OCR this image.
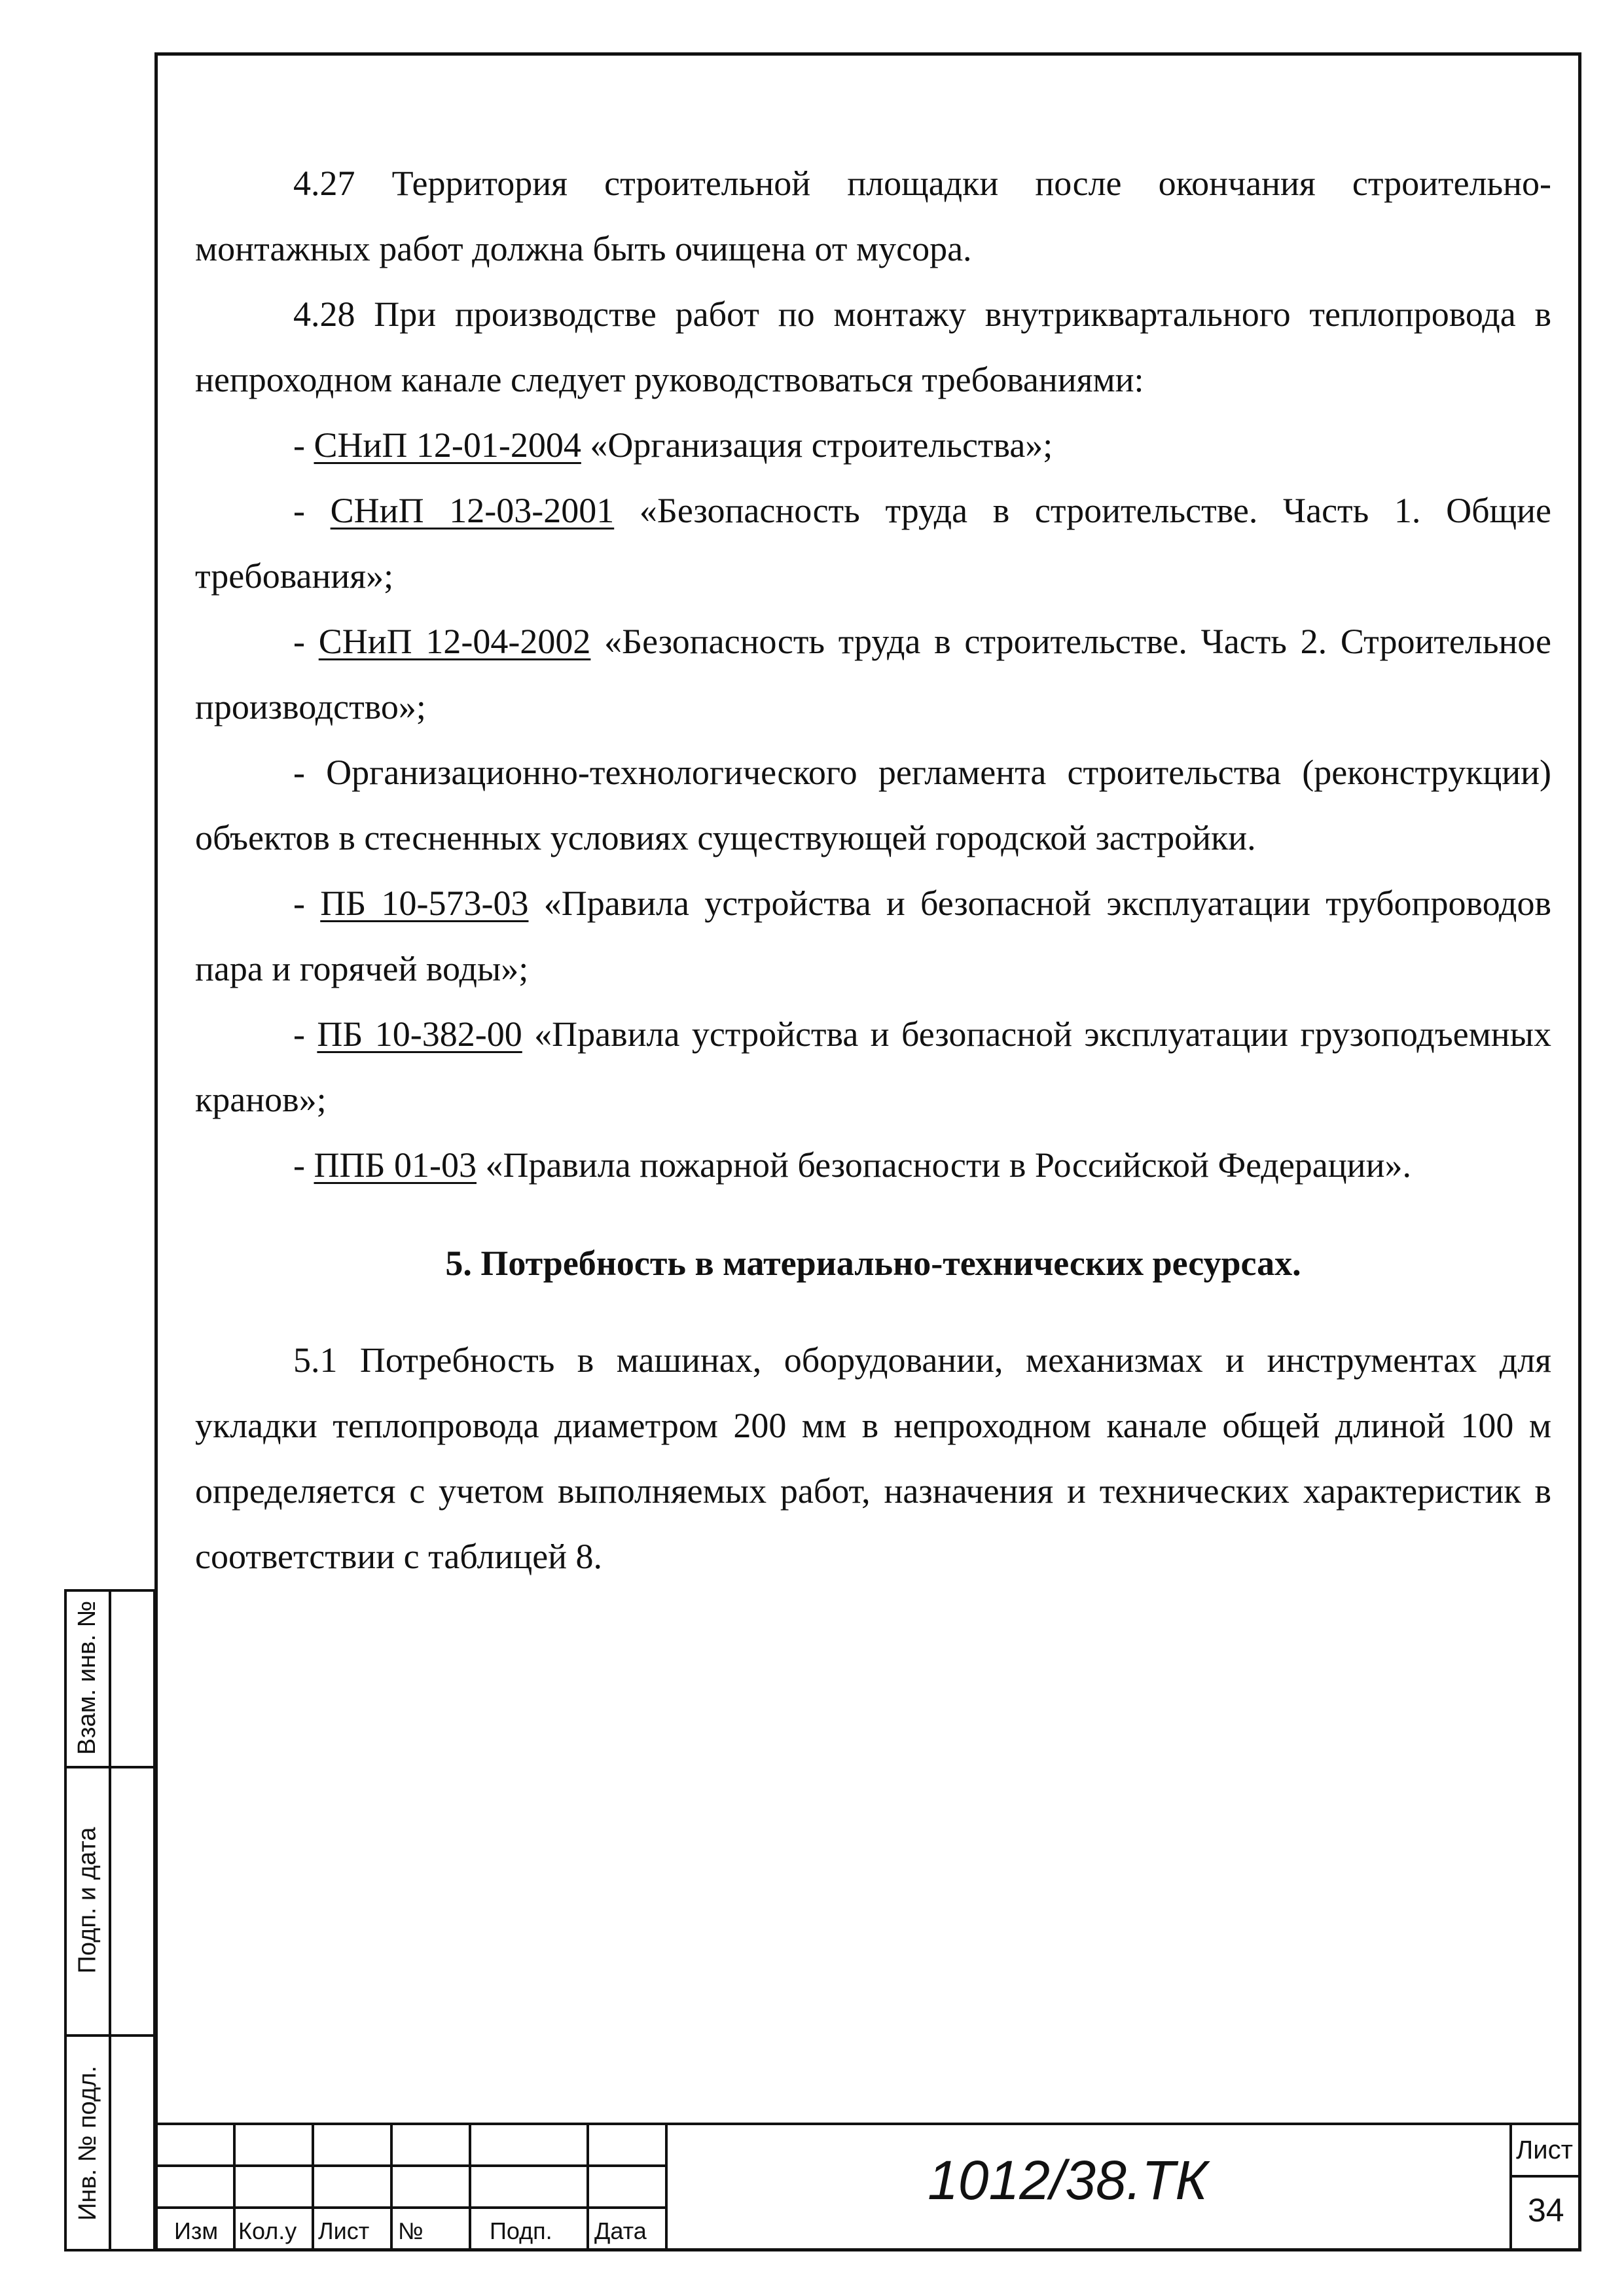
4.27 Территория строительной площадки после окончания строительно-монтажных работ должна быть очищена от мусора.

4.28 При производстве работ по монтажу внутриквартального теплопровода в непроходном канале следует руководствоваться требованиями:

- СНиП 12-01-2004 «Организация строительства»;

- СНиП 12-03-2001 «Безопасность труда в строительстве. Часть 1. Общие требования»;

- СНиП 12-04-2002 «Безопасность труда в строительстве. Часть 2. Строительное производство»;

- Организационно-технологического регламента строительства (реконструкции) объектов в стесненных условиях существующей городской застройки.

- ПБ 10-573-03 «Правила устройства и безопасной эксплуатации трубопроводов пара и горячей воды»;

- ПБ 10-382-00 «Правила устройства и безопасной эксплуатации грузоподъемных кранов»;

- ППБ 01-03 «Правила пожарной безопасности в Российской Федерации».

5. Потребность в материально-технических ресурсах.

5.1 Потребность в машинах, оборудовании, механизмах и инструментах для укладки теплопровода диаметром 200 мм в непроходном канале общей длиной 100 м определяется с учетом выполняемых работ, назначения и технических характеристик в соответствии с таблицей 8.

Взам. инв. №
Подп. и дата
Инв. № подл.
Изм Кол.у Лист №	Подп. Дата
1012/38.ТК	Лист
34
